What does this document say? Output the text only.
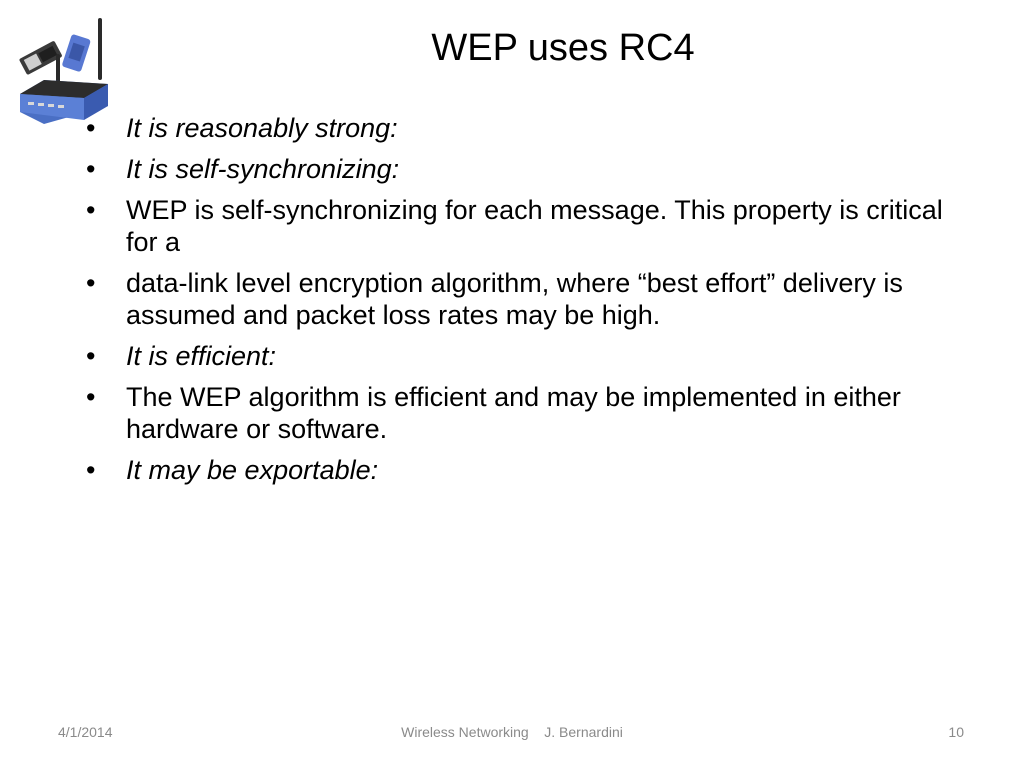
WEP uses RC4
• It is reasonably strong:
• It is self-synchronizing:
• WEP is self-synchronizing for each message. This property is critical for a
• data-link level encryption algorithm, where “best effort” delivery is assumed and packet loss rates may be high.
• It is efficient:
• The WEP algorithm is efficient and may be implemented in either hardware or software.
• It may be exportable:
4/1/2014	Wireless Networking    J. Bernardini	10
